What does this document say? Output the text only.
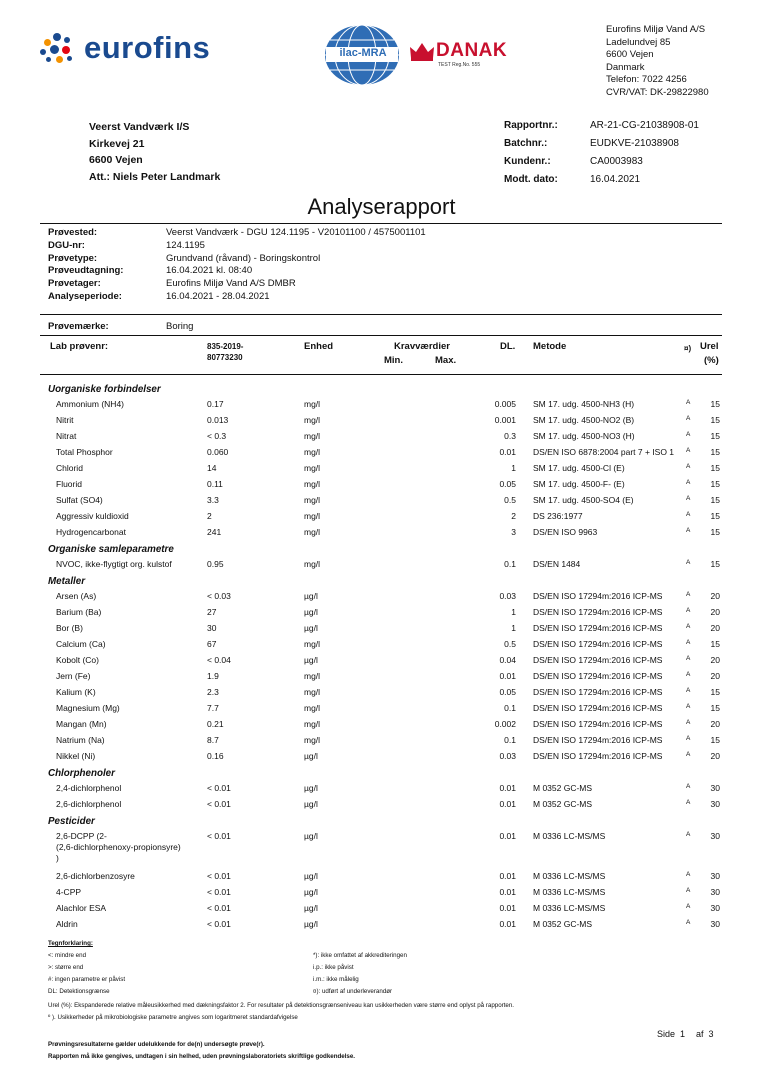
eurofins	ilac-MRA	DANAK
TEST Reg.No. 555
Eurofins Miljø Vand A/S
Ladelundvej 85
6600 Vejen
Danmark
Telefon: 7022 4256
CVR/VAT: DK-29822980
Veerst Vandværk I/S
Kirkevej 21
6600 Vejen
Att.: Niels Peter Landmark
Rapportnr.:	AR-21-CG-21038908-01
Batchnr.:	EUDKVE-21038908
Kundenr.:	CA0003983
Modt. dato:	16.04.2021
Analyserapport
Prøvested:	Veerst Vandværk - DGU 124.1195 - V20101100 / 4575001101
DGU-nr:	124.1195
Prøvetype:	Grundvand (råvand) - Boringskontrol
Prøveudtagning:	16.04.2021 kl. 08:40
Prøvetager:	Eurofins Miljø Vand A/S DMBR
Analyseperiode:	16.04.2021 - 28.04.2021
Prøvemærke:	Boring
Lab prøvenr:	835-2019-
80773230
Enhed	Kravværdier
Min.	Max.
DL. Metode	¤) Urel
(%)
Uorganiske forbindelser
Ammonium (NH4)	0.17	mg/l	0.005 SM 17. udg. 4500-NH3 (H)	A	15
Nitrit	0.013	mg/l	0.001 SM 17. udg. 4500-NO2 (B)	A	15
Nitrat	< 0.3	mg/l	0.3 SM 17. udg. 4500-NO3 (H)	A	15
Total Phosphor	0.060	mg/l	0.01 DS/EN ISO 6878:2004 part 7 + ISO 1 A	15
Chlorid	14	mg/l	1 SM 17. udg. 4500-Cl (E)	A	15
Fluorid	0.11	mg/l	0.05 SM 17. udg. 4500-F- (E)	A	15
Sulfat (SO4)	3.3	mg/l	0.5 SM 17. udg. 4500-SO4 (E)	A	15
Aggressiv kuldioxid	2	mg/l	2 DS 236:1977	A	15
Hydrogencarbonat	241	mg/l	3 DS/EN ISO 9963	A	15
Organiske samleparametre
NVOC, ikke-flygtigt org. kulstof	0.95	mg/l	0.1 DS/EN 1484	A	15
Metaller
Arsen (As)	< 0.03	µg/l	0.03 DS/EN ISO 17294m:2016 ICP-MS	A	20
Barium (Ba)	27	µg/l	1 DS/EN ISO 17294m:2016 ICP-MS	A	20
Bor (B)	30	µg/l	1 DS/EN ISO 17294m:2016 ICP-MS	A	20
Calcium (Ca)	67	mg/l	0.5 DS/EN ISO 17294m:2016 ICP-MS	A	15
Kobolt (Co)	< 0.04	µg/l	0.04 DS/EN ISO 17294m:2016 ICP-MS	A	20
Jern (Fe)	1.9	mg/l	0.01 DS/EN ISO 17294m:2016 ICP-MS	A	20
Kalium (K)	2.3	mg/l	0.05 DS/EN ISO 17294m:2016 ICP-MS	A	15
Magnesium (Mg)	7.7	mg/l	0.1 DS/EN ISO 17294m:2016 ICP-MS	A	15
Mangan (Mn)	0.21	mg/l	0.002 DS/EN ISO 17294m:2016 ICP-MS	A	20
Natrium (Na)	8.7	mg/l	0.1 DS/EN ISO 17294m:2016 ICP-MS	A	15
Nikkel (Ni)	0.16	µg/l	0.03 DS/EN ISO 17294m:2016 ICP-MS	A	20
Chlorphenoler
2,4-dichlorphenol	< 0.01	µg/l	0.01 M 0352 GC-MS	A	30
2,6-dichlorphenol	< 0.01	µg/l	0.01 M 0352 GC-MS	A	30
Pesticider
2,6-DCPP (2-	< 0.01	µg/l	0.01 M 0336 LC-MS/MS	A	30
(2,6-dichlorphenoxy-propionsyre)
)
2,6-dichlorbenzosyre	< 0.01	µg/l	0.01 M 0336 LC-MS/MS	A	30
4-CPP	< 0.01	µg/l	0.01 M 0336 LC-MS/MS	A	30
Alachlor ESA	< 0.01	µg/l	0.01 M 0336 LC-MS/MS	A	30
Aldrin	< 0.01	µg/l	0.01 M 0352 GC-MS	A	30
Tegnforklaring:
<: mindre end
>: større end
#: ingen parametre er påvist
DL: Detektionsgrænse
*): ikke omfattet af akkrediteringen
i.p.: ikke påvist
i.m.: ikke målelig
¤): udført af underleverandør
Urel (%): Ekspanderede relative måleusikkerhed med dækningsfaktor 2. For resultater på detektionsgrænseniveau kan usikkerheden være større end oplyst på rapporten.
º ). Usikkerheder på mikrobiologiske parametre angives som logaritmeret standardafvigelse
Side 1 af 3
Prøvningsresultaterne gælder udelukkende for de(n) undersøgte prøve(r).
Rapporten må ikke gengives, undtagen i sin helhed, uden prøvningslaboratoriets skriftlige godkendelse.
